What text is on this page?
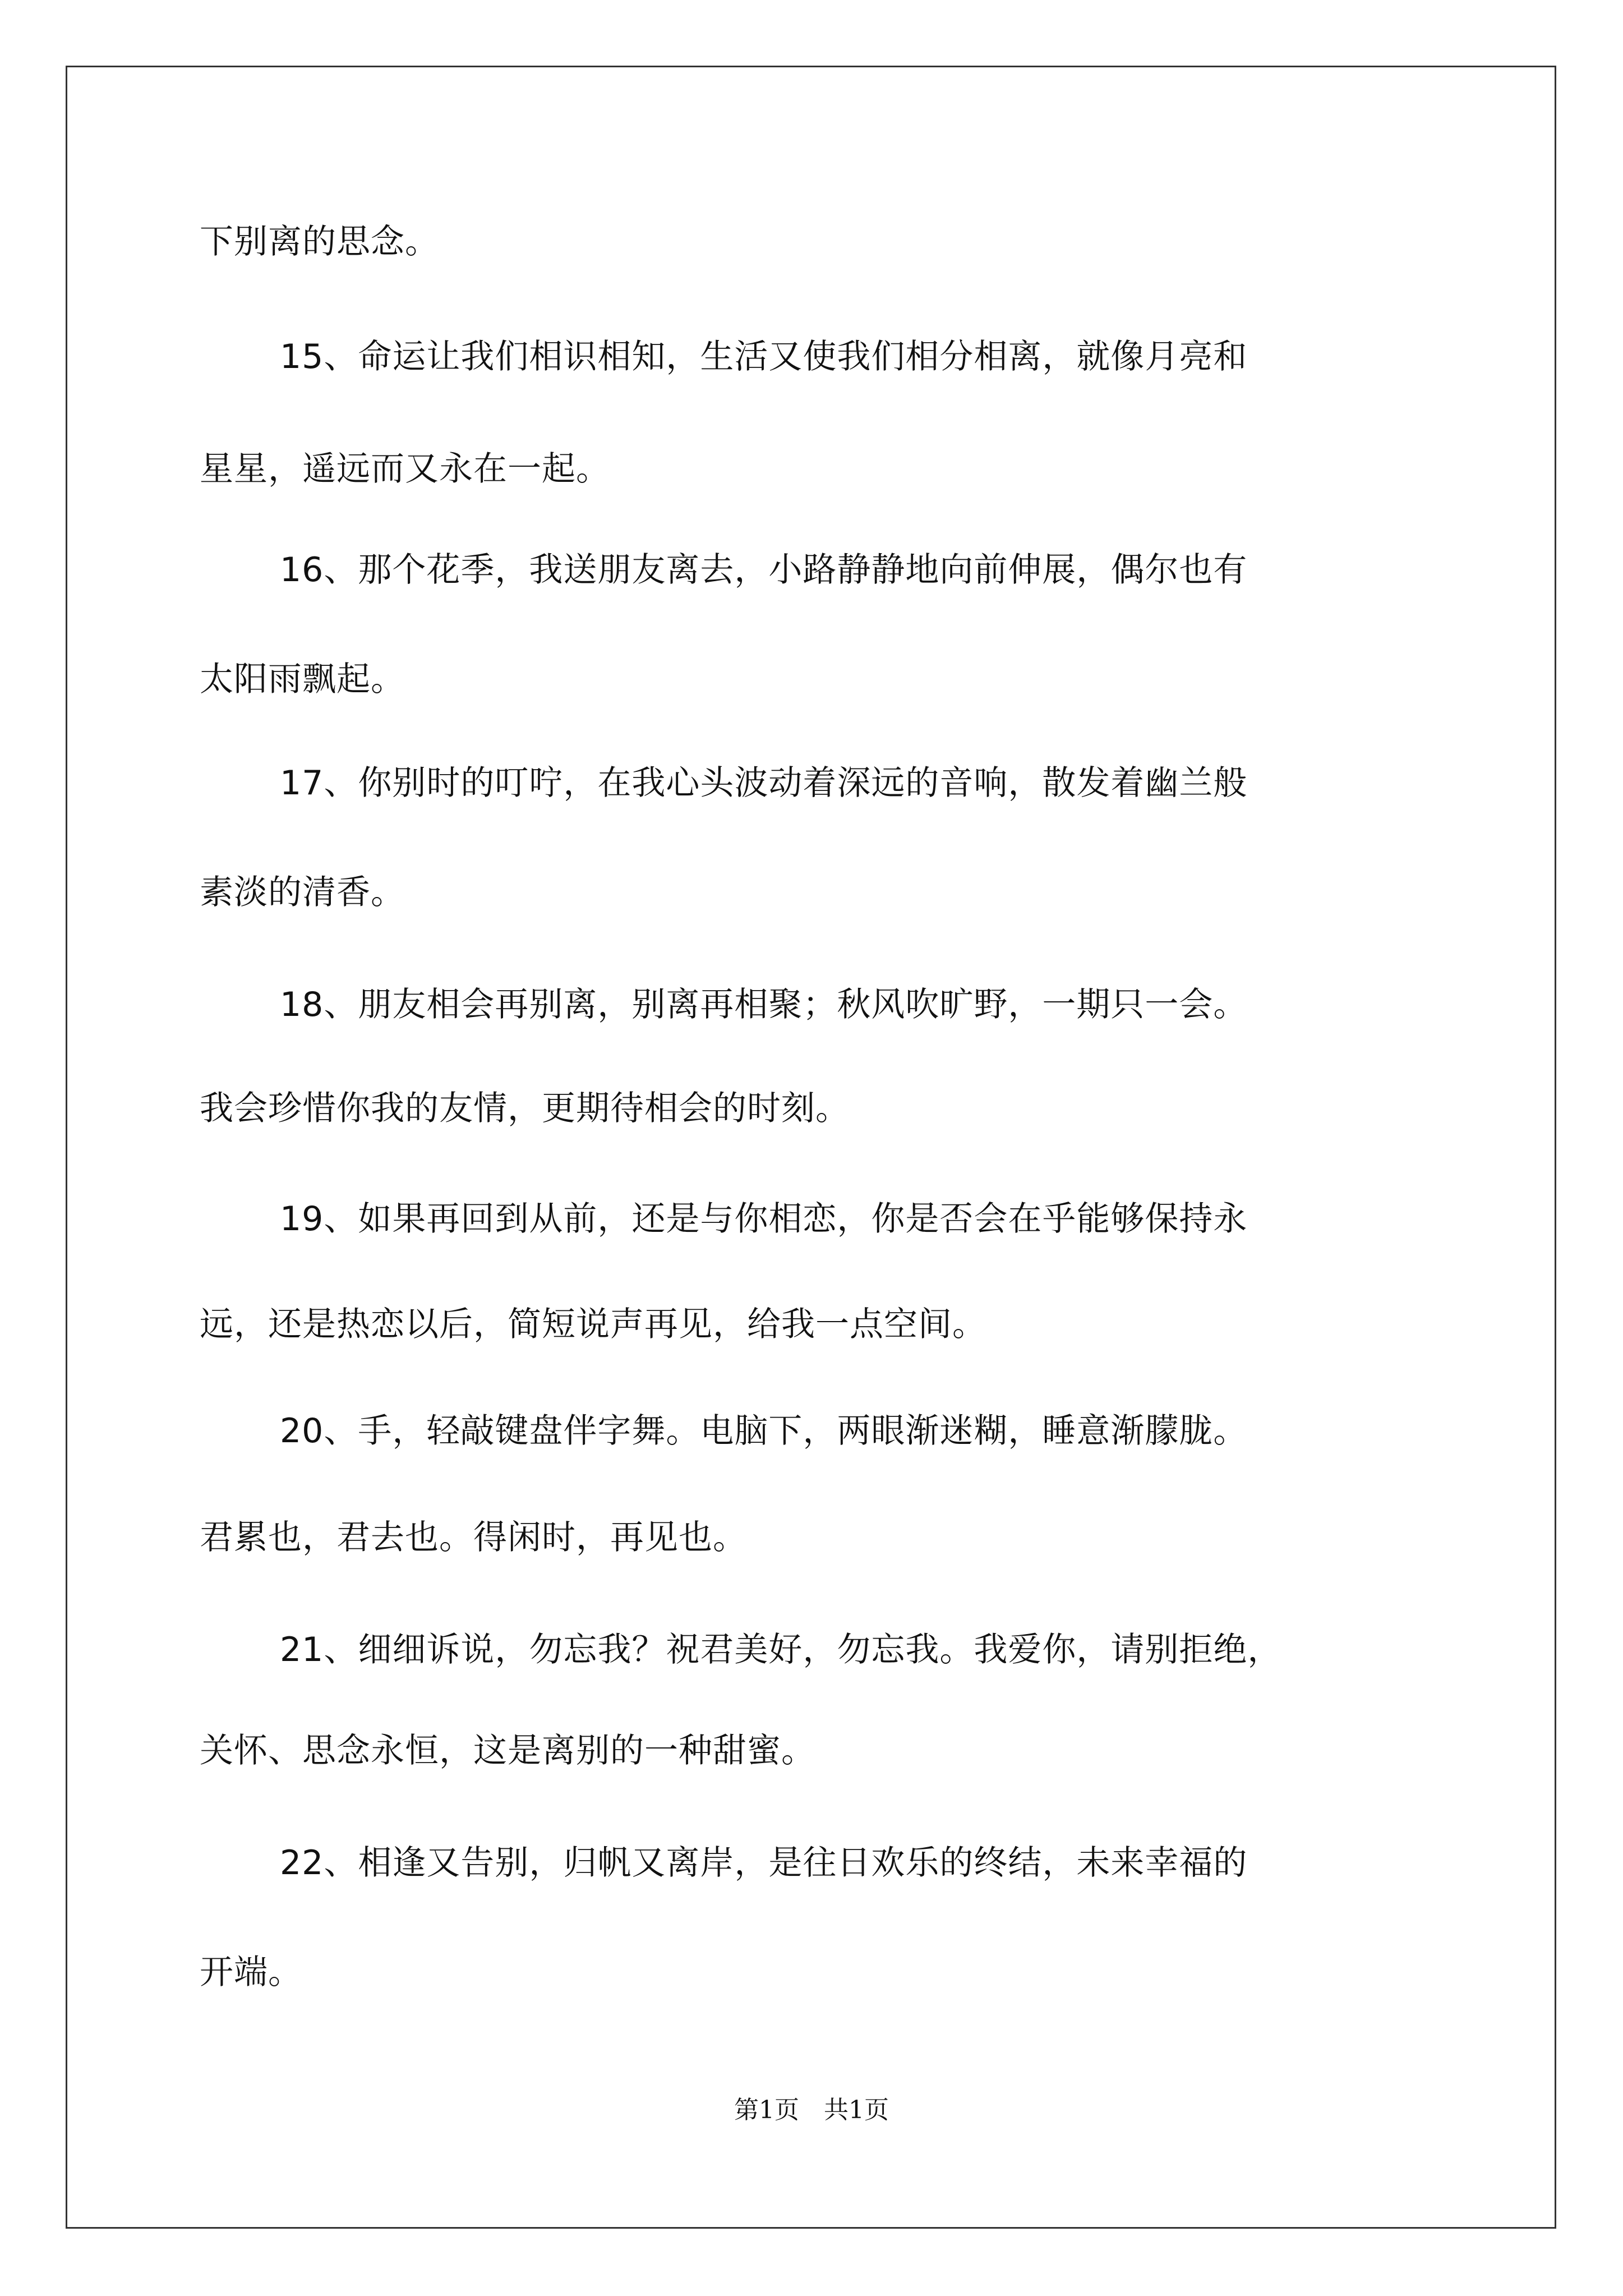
下别离的思念。
15、命运让我们相识相知，生活又使我们相分相离，就像月亮和
星星，遥远而又永在一起。
16、那个花季，我送朋友离去，小路静静地向前伸展，偶尔也有
太阳雨飘起。
17、你别时的叮咛，在我心头波动着深远的音响，散发着幽兰般
素淡的清香。
18、朋友相会再别离，别离再相聚；秋风吹旷野，一期只一会。
我会珍惜你我的友情，更期待相会的时刻。
19、如果再回到从前，还是与你相恋，你是否会在乎能够保持永
远，还是热恋以后，简短说声再见，给我一点空间。
20、手，轻敲键盘伴字舞。电脑下，两眼渐迷糊，睡意渐朦胧。
君累也，君去也。得闲时，再见也。
21、细细诉说，勿忘我？祝君美好，勿忘我。我爱你，请别拒绝，
关怀、思念永恒，这是离别的一种甜蜜。
22、相逢又告别，归帆又离岸，是往日欢乐的终结，未来幸福的
开端。
第1页　共1页
